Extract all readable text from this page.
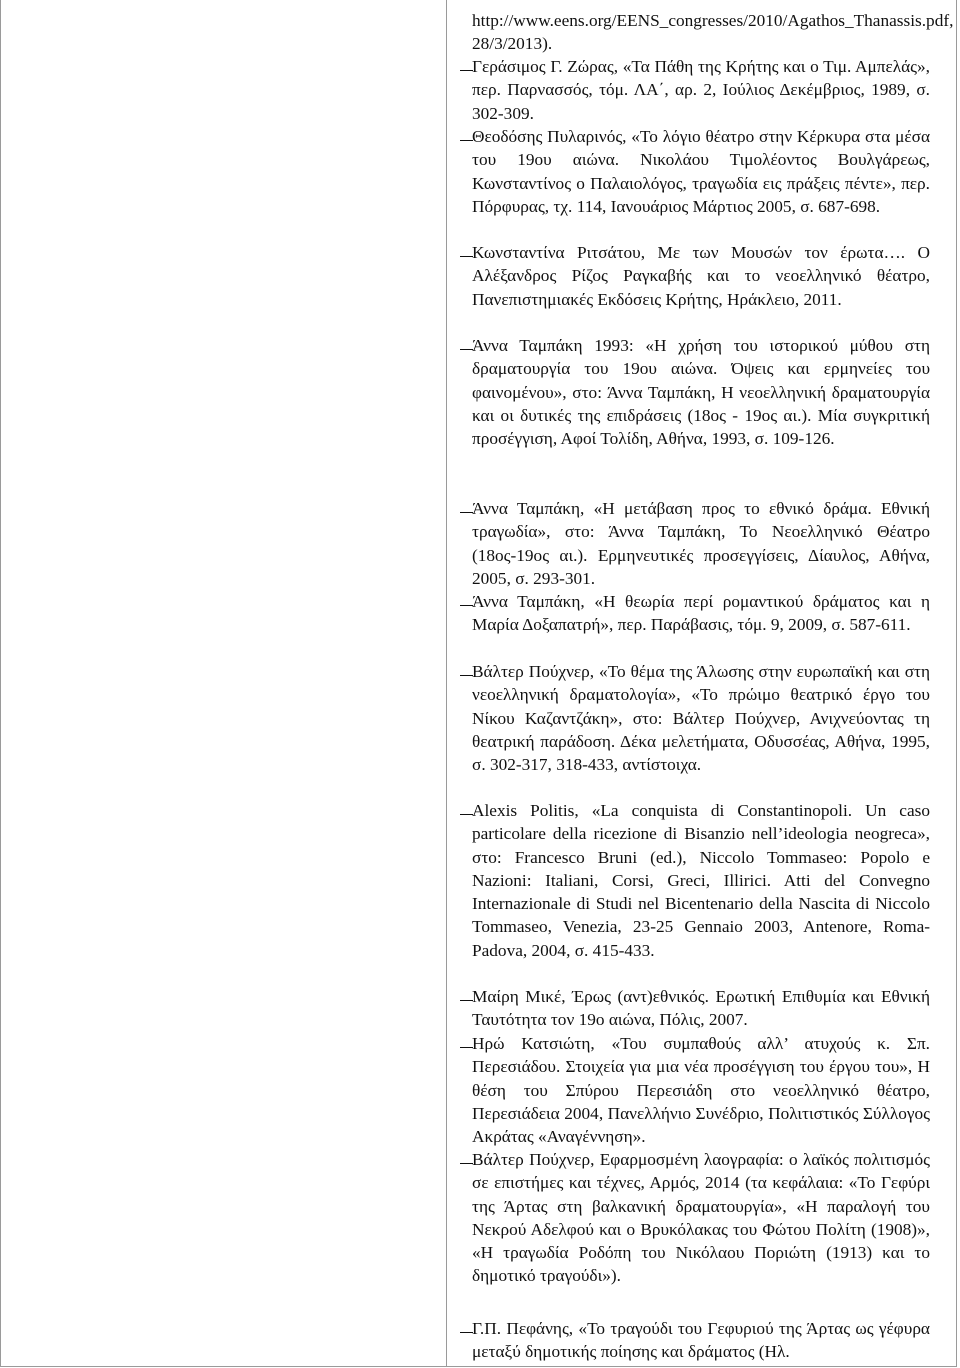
http://www.eens.org/EENS_congresses/2010/Agathos_Thanassis.pdf, 28/3/2013).
Γεράσιμος Γ. Ζώρας, «Τα Πάθη της Κρήτης και ο Τιμ. Αμπελάς», περ. Παρνασσός, τόμ. ΛΑ΄, αρ. 2, Ιούλιος Δεκέμβριος, 1989, σ. 302-309.
Θεοδόσης Πυλαρινός, «Το λόγιο θέατρο στην Κέρκυρα στα μέσα του 19ου αιώνα. Νικολάου Τιμολέοντος Βουλγάρεως, Κωνσταντίνος ο Παλαιολόγος, τραγωδία εις πράξεις πέντε», περ. Πόρφυρας, τχ. 114, Ιανουάριος Μάρτιος 2005, σ. 687-698.
Κωνσταντίνα Ριτσάτου, Με των Μουσών τον έρωτα…. Ο Αλέξανδρος Ρίζος Ραγκαβής και το νεοελληνικό θέατρο, Πανεπιστημιακές Εκδόσεις Κρήτης, Ηράκλειο, 2011.
Άννα Ταμπάκη 1993: «Η χρήση του ιστορικού μύθου στη δραματουργία του 19ου αιώνα. Όψεις και ερμηνείες του φαινομένου», στο: Άννα Ταμπάκη, Η νεοελληνική δραματουργία και οι δυτικές της επιδράσεις (18ος - 19ος αι.). Μία συγκριτική προσέγγιση, Αφοί Τολίδη, Αθήνα, 1993, σ. 109-126.
Άννα Ταμπάκη, «Η μετάβαση προς το εθνικό δράμα. Εθνική τραγωδία», στο: Άννα Ταμπάκη, Το Νεοελληνικό Θέατρο (18ος-19ος αι.). Ερμηνευτικές προσεγγίσεις, Δίαυλος, Αθήνα, 2005, σ. 293-301.
Άννα Ταμπάκη, «Η θεωρία περί ρομαντικού δράματος και η Μαρία Δοξαπατρή», περ. Παράβασις, τόμ. 9, 2009, σ. 587-611.
Βάλτερ Πούχνερ, «Το θέμα της Άλωσης στην ευρωπαϊκή και στη νεοελληνική δραματολογία», «Το πρώιμο θεατρικό έργο του Νίκου Καζαντζάκη», στο: Βάλτερ Πούχνερ, Ανιχνεύοντας τη θεατρική παράδοση. Δέκα μελετήματα, Οδυσσέας, Αθήνα, 1995, σ. 302-317, 318-433, αντίστοιχα.
Alexis Politis, «La conquista di Constantinopoli. Un caso particolare della ricezione di Bisanzio nell’ideologia neogreca», στο: Francesco Bruni (ed.), Niccolo Tommaseo: Popolo e Nazioni: Italiani, Corsi, Greci, Illirici. Atti del Convegno Internazionale di Studi nel Bicentenario della Nascita di Niccolo Tommaseo, Venezia, 23-25 Gennaio 2003, Antenore, Roma-Padova, 2004, σ. 415-433.
Μαίρη Μικέ, Έρως (αντ)εθνικός. Ερωτική Επιθυμία και Εθνική Ταυτότητα τον 19ο αιώνα, Πόλις, 2007.
Ηρώ Κατσιώτη, «Του συμπαθούς αλλ’ ατυχούς κ. Σπ. Περεσιάδου. Στοιχεία για μια νέα προσέγγιση του έργου του», Η θέση του Σπύρου Περεσιάδη στο νεοελληνικό θέατρο, Περεσιάδεια 2004, Πανελλήνιο Συνέδριο, Πολιτιστικός Σύλλογος Ακράτας «Αναγέννηση».
Βάλτερ Πούχνερ, Εφαρμοσμένη λαογραφία: ο λαϊκός πολιτισμός σε επιστήμες και τέχνες, Αρμός, 2014 (τα κεφάλαια: «Το Γεφύρι της Άρτας στη βαλκανική δραματουργία», «Η παραλογή του Νεκρού Αδελφού και ο Βρυκόλακας του Φώτου Πολίτη (1908)», «Η τραγωδία Ροδόπη του Νικόλαου Ποριώτη (1913) και το δημοτικό τραγούδι»).
Γ.Π. Πεφάνης, «Το τραγούδι του Γεφυριού της Άρτας ως γέφυρα μεταξύ δημοτικής ποίησης και δράματος (Ηλ.
